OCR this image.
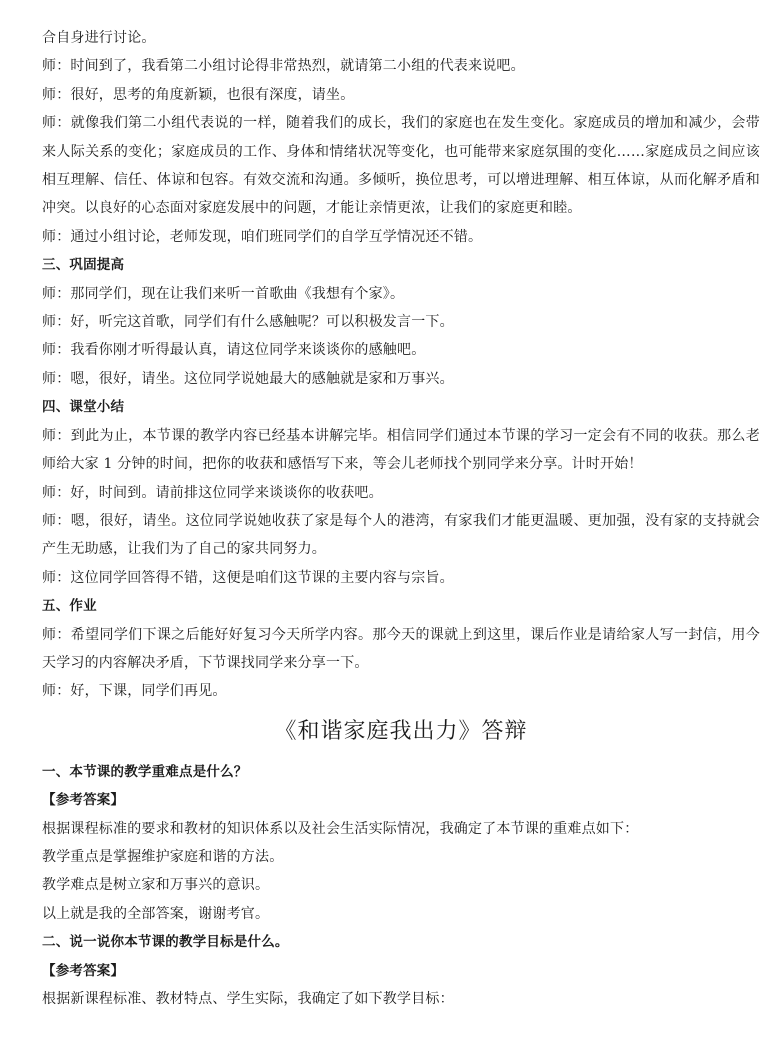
合自身进行讨论。

师：时间到了，我看第二小组讨论得非常热烈，就请第二小组的代表来说吧。

师：很好，思考的角度新颖，也很有深度，请坐。

师：就像我们第二小组代表说的一样，随着我们的成长，我们的家庭也在发生变化。家庭成员的增加和减少，会带来人际关系的变化；家庭成员的工作、身体和情绪状况等变化，也可能带来家庭氛围的变化……家庭成员之间应该相互理解、信任、体谅和包容。有效交流和沟通。多倾听，换位思考，可以增进理解、相互体谅，从而化解矛盾和冲突。以良好的心态面对家庭发展中的问题，才能让亲情更浓，让我们的家庭更和睦。

师：通过小组讨论，老师发现，咱们班同学们的自学互学情况还不错。

三、巩固提高

师：那同学们，现在让我们来听一首歌曲《我想有个家》。

师：好，听完这首歌，同学们有什么感触呢？可以积极发言一下。

师：我看你刚才听得最认真，请这位同学来谈谈你的感触吧。

师：嗯，很好，请坐。这位同学说她最大的感触就是家和万事兴。

四、课堂小结

师：到此为止，本节课的教学内容已经基本讲解完毕。相信同学们通过本节课的学习一定会有不同的收获。那么老师给大家 1 分钟的时间，把你的收获和感悟写下来，等会儿老师找个别同学来分享。计时开始！

师：好，时间到。请前排这位同学来谈谈你的收获吧。

师：嗯，很好，请坐。这位同学说她收获了家是每个人的港湾，有家我们才能更温暖、更加强，没有家的支持就会产生无助感，让我们为了自己的家共同努力。

师：这位同学回答得不错，这便是咱们这节课的主要内容与宗旨。

五、作业

师：希望同学们下课之后能好好复习今天所学内容。那今天的课就上到这里，课后作业是请给家人写一封信，用今天学习的内容解决矛盾，下节课找同学来分享一下。

师：好，下课，同学们再见。

《和谐家庭我出力》答辩

一、本节课的教学重难点是什么？

【参考答案】

根据课程标准的要求和教材的知识体系以及社会生活实际情况，我确定了本节课的重难点如下：

教学重点是掌握维护家庭和谐的方法。

教学难点是树立家和万事兴的意识。

以上就是我的全部答案，谢谢考官。

二、说一说你本节课的教学目标是什么。

【参考答案】

根据新课程标准、教材特点、学生实际，我确定了如下教学目标：
